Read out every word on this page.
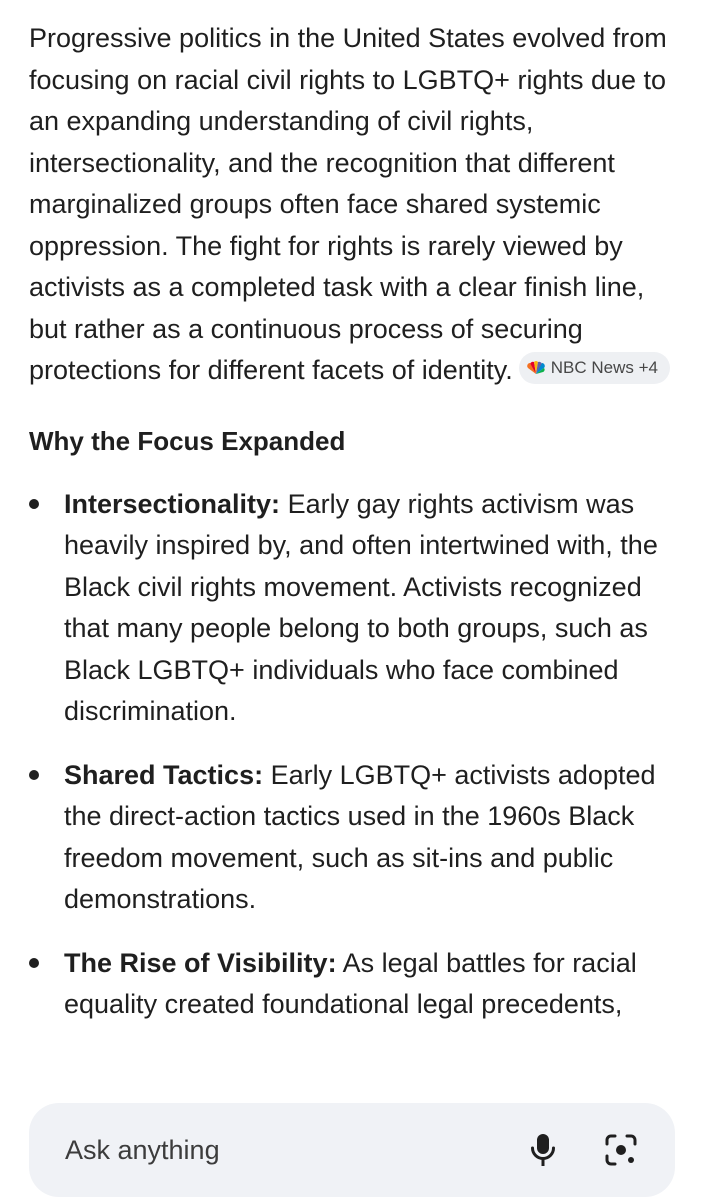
Progressive politics in the United States evolved from focusing on racial civil rights to LGBTQ+ rights due to an expanding understanding of civil rights, intersectionality, and the recognition that different marginalized groups often face shared systemic oppression. The fight for rights is rarely viewed by activists as a completed task with a clear finish line, but rather as a continuous process of securing protections for different facets of identity. NBC News +4

Why the Focus Expanded
Intersectionality: Early gay rights activism was heavily inspired by, and often intertwined with, the Black civil rights movement. Activists recognized that many people belong to both groups, such as Black LGBTQ+ individuals who face combined discrimination.
Shared Tactics: Early LGBTQ+ activists adopted the direct-action tactics used in the 1960s Black freedom movement, such as sit-ins and public demonstrations.
The Rise of Visibility: As legal battles for racial equality created foundational legal precedents,
Ask anything
